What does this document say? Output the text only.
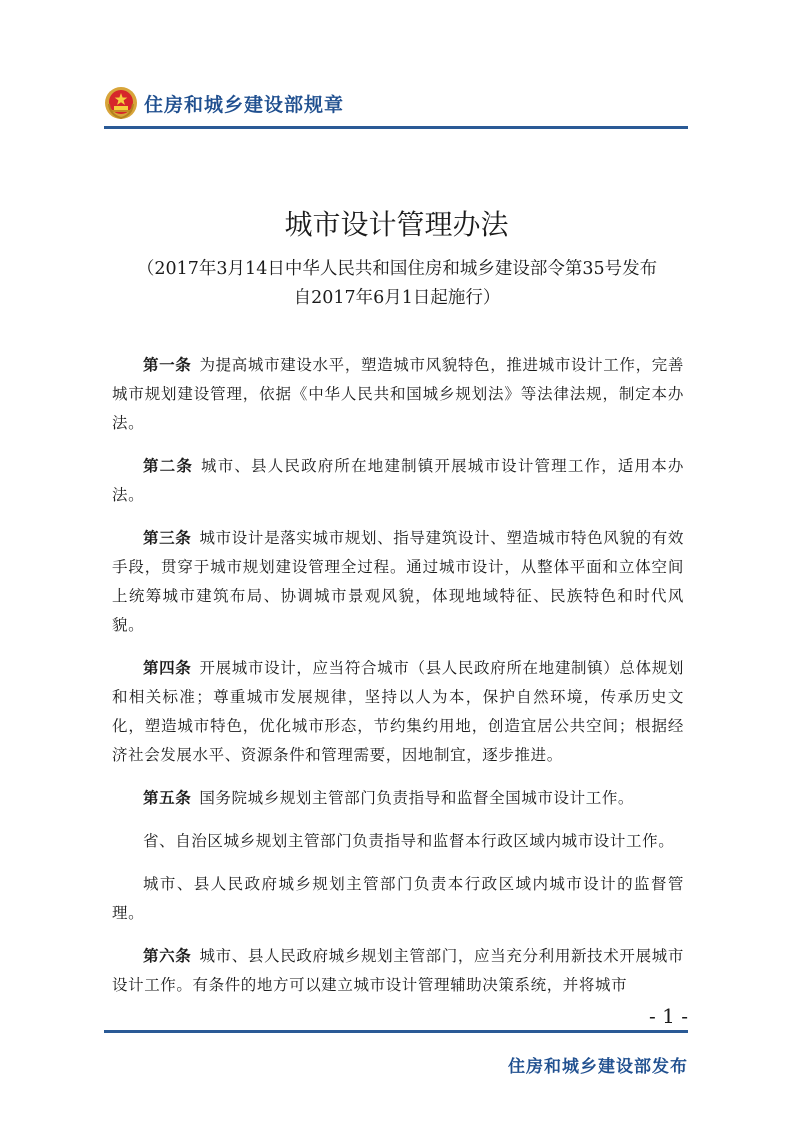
住房和城乡建设部规章
城市设计管理办法
（2017年3月14日中华人民共和国住房和城乡建设部令第35号发布
自2017年6月1日起施行）

第一条 为提高城市建设水平，塑造城市风貌特色，推进城市设计工作，完善城市规划建设管理，依据《中华人民共和国城乡规划法》等法律法规，制定本办法。

第二条 城市、县人民政府所在地建制镇开展城市设计管理工作，适用本办法。

第三条 城市设计是落实城市规划、指导建筑设计、塑造城市特色风貌的有效手段，贯穿于城市规划建设管理全过程。通过城市设计，从整体平面和立体空间上统筹城市建筑布局、协调城市景观风貌，体现地域特征、民族特色和时代风貌。

第四条 开展城市设计，应当符合城市（县人民政府所在地建制镇）总体规划和相关标准；尊重城市发展规律，坚持以人为本，保护自然环境，传承历史文化，塑造城市特色，优化城市形态，节约集约用地，创造宜居公共空间；根据经济社会发展水平、资源条件和管理需要，因地制宜，逐步推进。

第五条 国务院城乡规划主管部门负责指导和监督全国城市设计工作。

省、自治区城乡规划主管部门负责指导和监督本行政区域内城市设计工作。

城市、县人民政府城乡规划主管部门负责本行政区域内城市设计的监督管理。

第六条 城市、县人民政府城乡规划主管部门，应当充分利用新技术开展城市设计工作。有条件的地方可以建立城市设计管理辅助决策系统，并将城市

- 1 -
住房和城乡建设部发布
